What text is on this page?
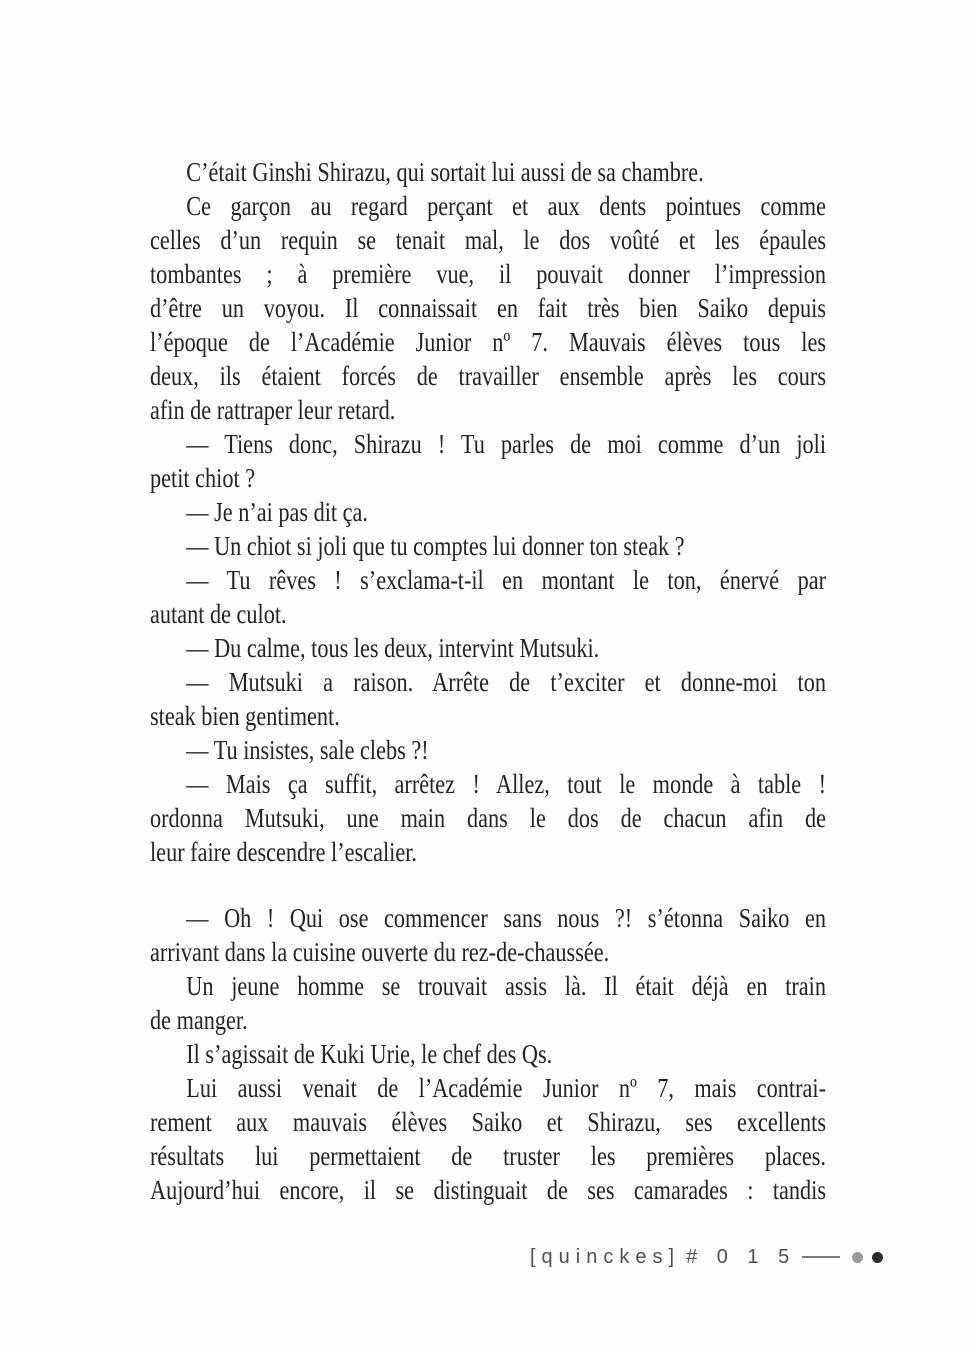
C’était Ginshi Shirazu, qui sortait lui aussi de sa chambre.
Ce garçon au regard perçant et aux dents pointues comme
celles d’un requin se tenait mal, le dos voûté et les épaules
tombantes ; à première vue, il pouvait donner l’impression
d’être un voyou. Il connaissait en fait très bien Saiko depuis
l’époque de l’Académie Junior nº 7. Mauvais élèves tous les
deux, ils étaient forcés de travailler ensemble après les cours
afin de rattraper leur retard.
— Tiens donc, Shirazu ! Tu parles de moi comme d’un joli
petit chiot ?
— Je n’ai pas dit ça.
— Un chiot si joli que tu comptes lui donner ton steak ?
— Tu rêves ! s’exclama-t-il en montant le ton, énervé par
autant de culot.
— Du calme, tous les deux, intervint Mutsuki.
— Mutsuki a raison. Arrête de t’exciter et donne-moi ton
steak bien gentiment.
— Tu insistes, sale clebs ?!
— Mais ça suffit, arrêtez ! Allez, tout le monde à table !
ordonna Mutsuki, une main dans le dos de chacun afin de
leur faire descendre l’escalier.
— Oh ! Qui ose commencer sans nous ?! s’étonna Saiko en
arrivant dans la cuisine ouverte du rez-de-chaussée.
Un jeune homme se trouvait assis là. Il était déjà en train
de manger.
Il s’agissait de Kuki Urie, le chef des Qs.
Lui aussi venait de l’Académie Junior nº 7, mais contrai-
rement aux mauvais élèves Saiko et Shirazu, ses excellents
résultats lui permettaient de truster les premières places.
Aujourd’hui encore, il se distinguait de ses camarades : tandis
[quinckes] # 0 1 5
